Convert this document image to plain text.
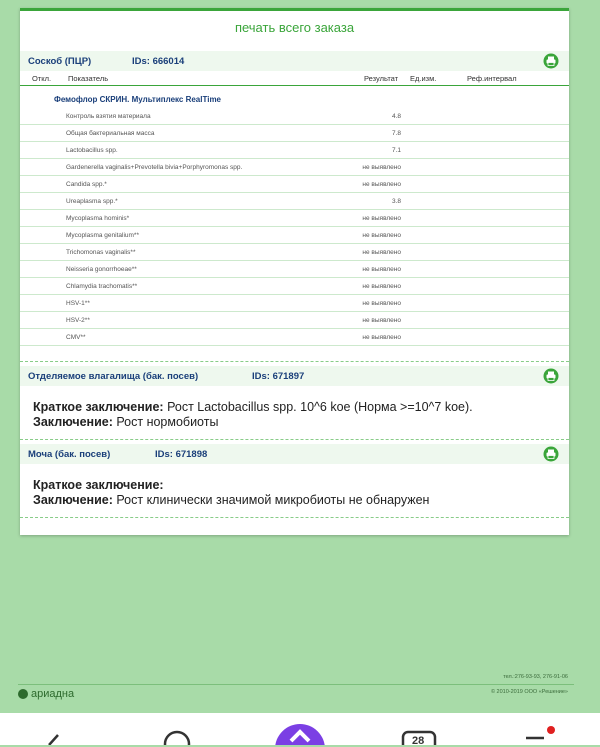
▼
печать всего заказа
Соскоб (ПЦР)	IDs: 666014
Откл. Показатель	Результат Ед.изм.	Реф.интервал
Фемофлор СКРИН. Мультиплекс RealTime
Контроль взятия материала	4.8
Общая бактериальная масса	7.8
Lactobacillus spp.	7.1
Gardenerella vaginalis+Prevotella bivia+Porphyromonas spp.	не выявлено
Candida spp.*	не выявлено
Ureaplasma spp.*	3.8
Mycoplasma hominis*	не выявлено
Mycoplasma genitalium**	не выявлено
Trichomonas vaginalis**	не выявлено
Neisseria gonorrhoeae**	не выявлено
Chlamydia trachomatis**	не выявлено
HSV-1**	не выявлено
HSV-2**	не выявлено
CMV**	не выявлено
Отделяемое влагалища (бак. посев)	IDs: 671897
Краткое заключение: Рост Lactobacillus spp. 10^6 koe (Норма >=10^7 koe).
Заключение: Рост нормобиоты
Моча (бак. посев)	IDs: 671898
Краткое заключение:
Заключение: Рост клинически значимой микробиоты не обнаружен
тел.:276-93-93, 276-91-06
ариадна	© 2010-2019 ООО «Решение»
28
